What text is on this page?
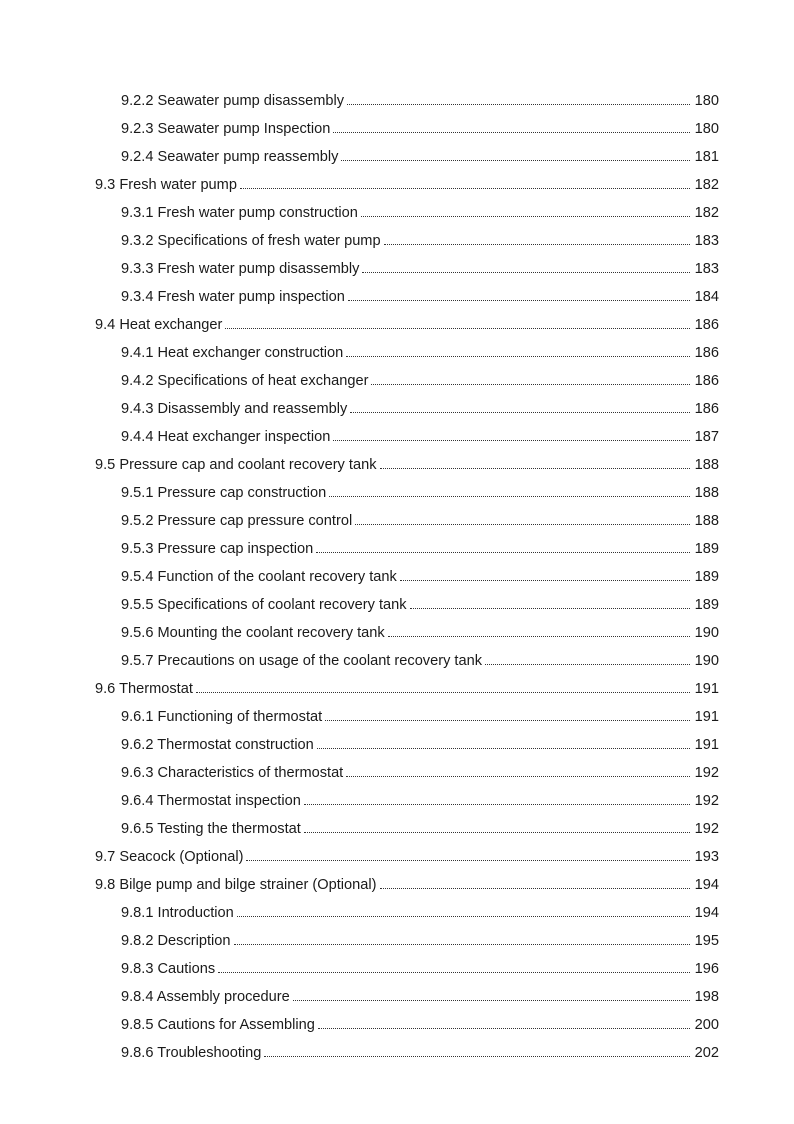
9.2.2 Seawater pump disassembly	180
9.2.3 Seawater pump Inspection	180
9.2.4 Seawater pump reassembly	181
9.3 Fresh water pump	182
9.3.1 Fresh water pump construction	182
9.3.2 Specifications of fresh water pump	183
9.3.3 Fresh water pump disassembly	183
9.3.4 Fresh water pump inspection	184
9.4 Heat exchanger	186
9.4.1 Heat exchanger construction	186
9.4.2 Specifications of heat exchanger	186
9.4.3 Disassembly and reassembly	186
9.4.4 Heat exchanger inspection	187
9.5 Pressure cap and coolant recovery tank	188
9.5.1 Pressure cap construction	188
9.5.2 Pressure cap pressure control	188
9.5.3 Pressure cap inspection	189
9.5.4 Function of the coolant recovery tank	189
9.5.5 Specifications of coolant recovery tank	189
9.5.6 Mounting the coolant recovery tank	190
9.5.7 Precautions on usage of the coolant recovery tank	190
9.6 Thermostat	191
9.6.1 Functioning of thermostat	191
9.6.2 Thermostat construction	191
9.6.3 Characteristics of thermostat	192
9.6.4 Thermostat inspection	192
9.6.5 Testing the thermostat	192
9.7 Seacock (Optional)	193
9.8 Bilge pump and bilge strainer (Optional)	194
9.8.1 Introduction	194
9.8.2 Description	195
9.8.3 Cautions	196
9.8.4 Assembly procedure	198
9.8.5 Cautions for Assembling	200
9.8.6 Troubleshooting	202
